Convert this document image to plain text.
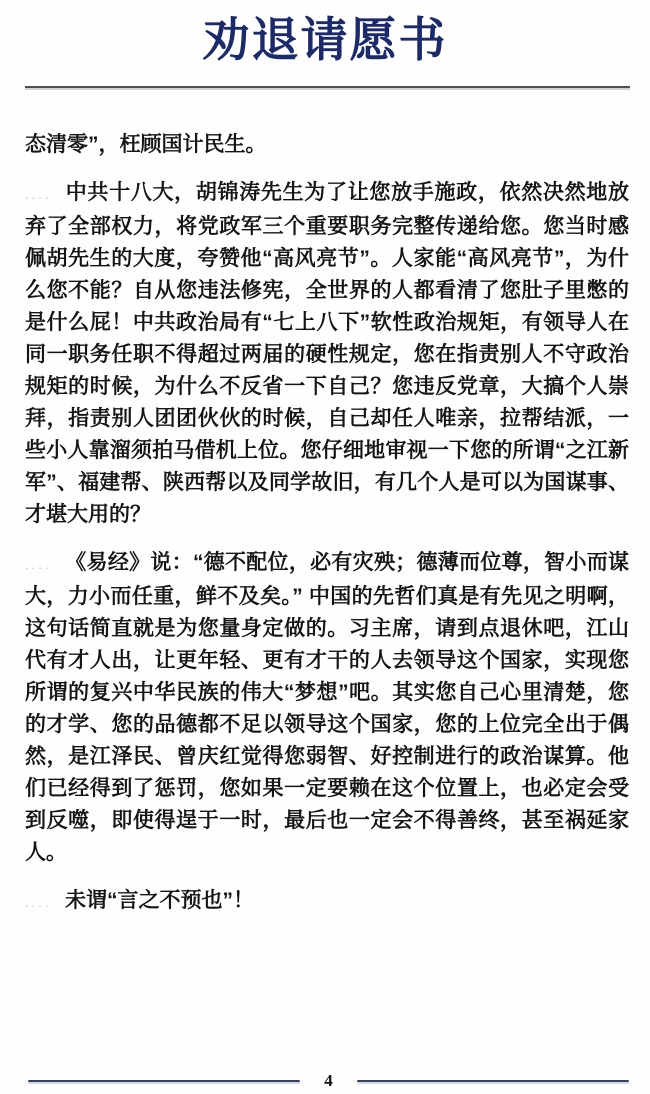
劝退请愿书

态清零”，枉顾国计民生。

.... 中共十八大，胡锦涛先生为了让您放手施政，依然决然地放弃了全部权力，将党政军三个重要职务完整传递给您。您当时感佩胡先生的大度，夸赞他“高风亮节”。人家能“高风亮节”，为什么您不能？自从您违法修宪，全世界的人都看清了您肚子里憋的是什么屁！中共政治局有“七上八下”软性政治规矩，有领导人在同一职务任职不得超过两届的硬性规定，您在指责别人不守政治规矩的时候，为什么不反省一下自己？您违反党章，大搞个人崇拜，指责别人团团伙伙的时候，自己却任人唯亲，拉帮结派，一些小人靠溜须拍马借机上位。您仔细地审视一下您的所谓“之江新军”、福建帮、陕西帮以及同学故旧，有几个人是可以为国谋事、才堪大用的？

.... 《易经》说：“德不配位，必有灾殃；德薄而位尊，智小而谋大，力小而任重，鲜不及矣。” 中国的先哲们真是有先见之明啊，这句话简直就是为您量身定做的。习主席，请到点退休吧，江山代有才人出，让更年轻、更有才干的人去领导这个国家，实现您所谓的复兴中华民族的伟大“梦想”吧。其实您自己心里清楚，您的才学、您的品德都不足以领导这个国家，您的上位完全出于偶然，是江泽民、曾庆红觉得您弱智、好控制进行的政治谋算。他们已经得到了惩罚，您如果一定要赖在这个位置上，也必定会受到反噬，即使得逞于一时，最后也一定会不得善终，甚至祸延家人。

.... 未谓“言之不预也”！

4
